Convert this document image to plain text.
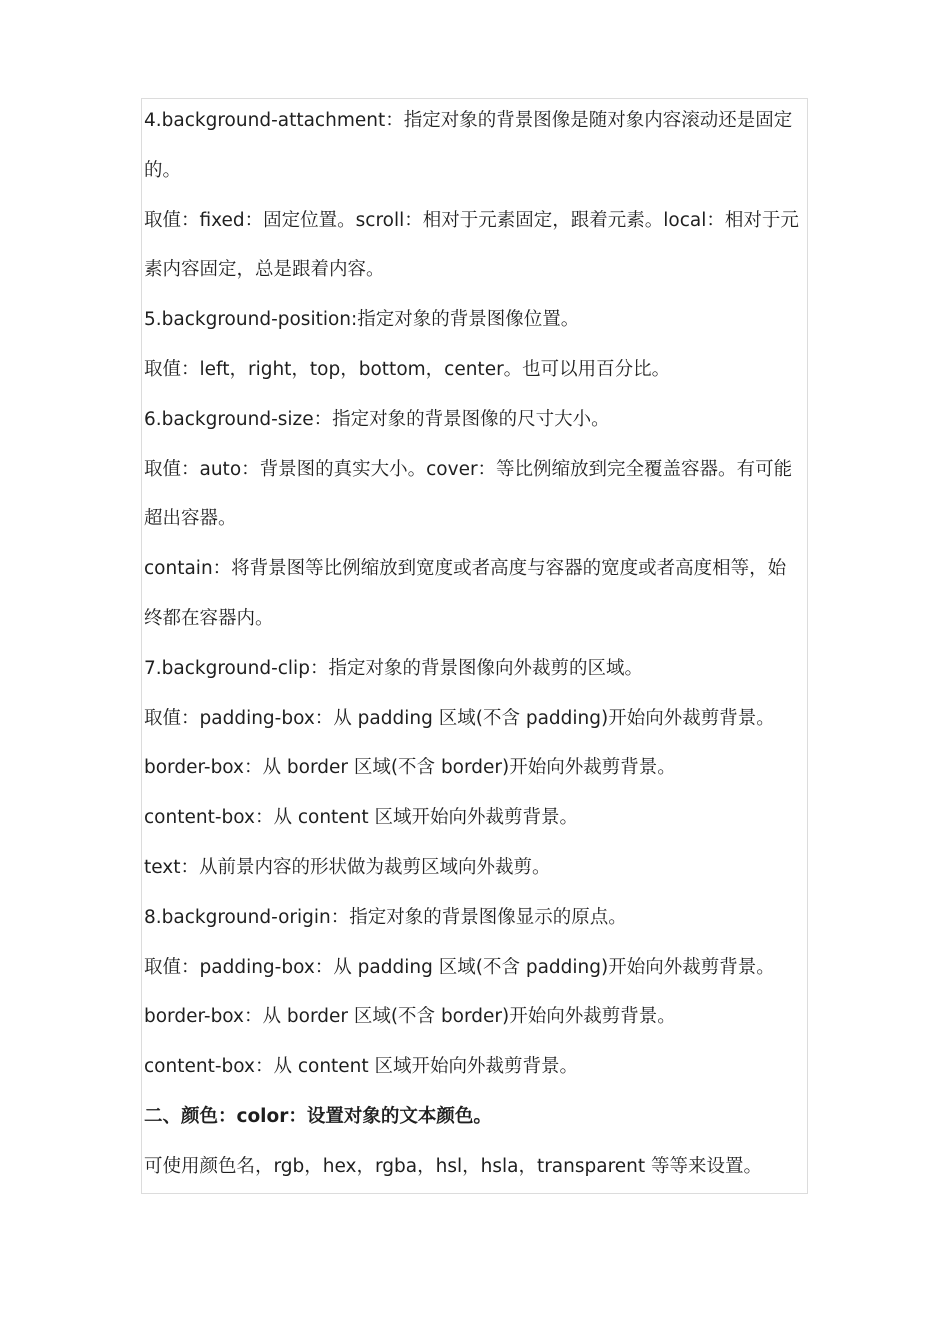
4.background-attachment：指定对象的背景图像是随对象内容滚动还是固定
的。
取值：fixed：固定位置。scroll：相对于元素固定，跟着元素。local：相对于元
素内容固定，总是跟着内容。
5.background-position:指定对象的背景图像位置。
取值：left，right，top，bottom，center。也可以用百分比。
6.background-size：指定对象的背景图像的尺寸大小。
取值：auto：背景图的真实大小。cover：等比例缩放到完全覆盖容器。有可能
超出容器。
contain：将背景图等比例缩放到宽度或者高度与容器的宽度或者高度相等，始
终都在容器内。
7.background-clip：指定对象的背景图像向外裁剪的区域。
取值：padding-box：从 padding 区域(不含 padding)开始向外裁剪背景。
border-box：从 border 区域(不含 border)开始向外裁剪背景。
content-box：从 content 区域开始向外裁剪背景。
text：从前景内容的形状做为裁剪区域向外裁剪。
8.background-origin：指定对象的背景图像显示的原点。
取值：padding-box：从 padding 区域(不含 padding)开始向外裁剪背景。
border-box：从 border 区域(不含 border)开始向外裁剪背景。
content-box：从 content 区域开始向外裁剪背景。
二、颜色：color：设置对象的文本颜色。
可使用颜色名，rgb，hex，rgba，hsl，hsla，transparent 等等来设置。
